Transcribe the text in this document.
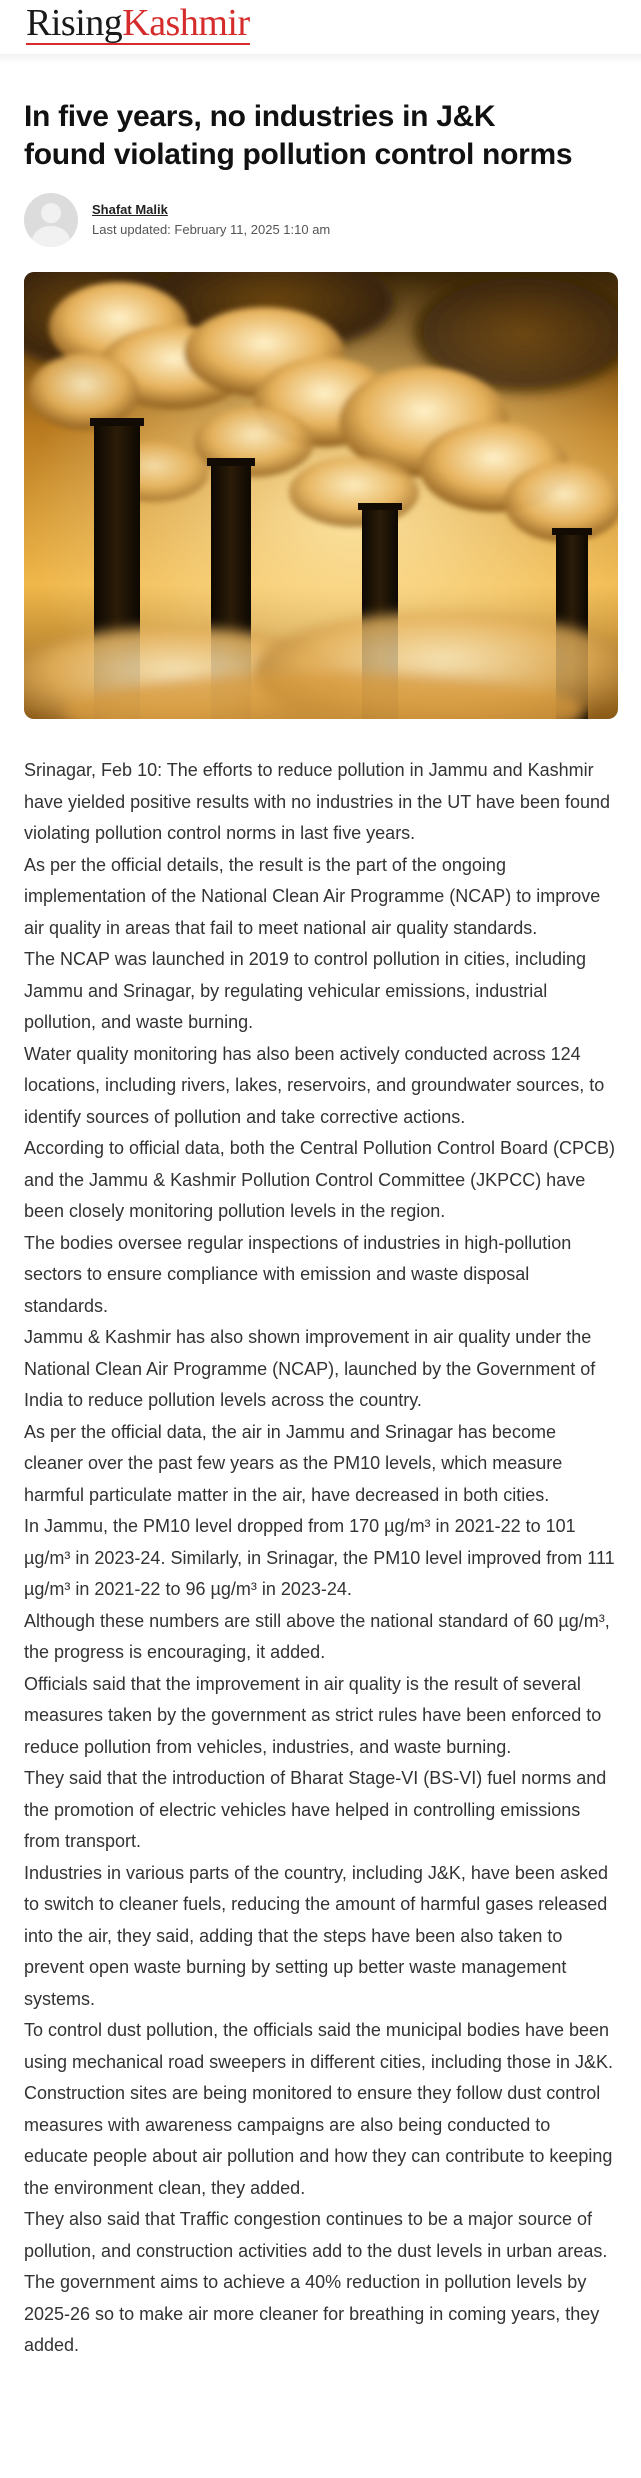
RisingKashmir
In five years, no industries in J&K found violating pollution control norms
Shafat Malik
Last updated: February 11, 2025 1:10 am

Srinagar, Feb 10: The efforts to reduce pollution in Jammu and Kashmir have yielded positive results with no industries in the UT have been found violating pollution control norms in last five years.

As per the official details, the result is the part of the ongoing implementation of the National Clean Air Programme (NCAP) to improve air quality in areas that fail to meet national air quality standards.

The NCAP was launched in 2019 to control pollution in cities, including Jammu and Srinagar, by regulating vehicular emissions, industrial pollution, and waste burning.

Water quality monitoring has also been actively conducted across 124 locations, including rivers, lakes, reservoirs, and groundwater sources, to identify sources of pollution and take corrective actions.

According to official data, both the Central Pollution Control Board (CPCB) and the Jammu & Kashmir Pollution Control Committee (JKPCC) have been closely monitoring pollution levels in the region.

The bodies oversee regular inspections of industries in high-pollution sectors to ensure compliance with emission and waste disposal standards.

Jammu & Kashmir has also shown improvement in air quality under the National Clean Air Programme (NCAP), launched by the Government of India to reduce pollution levels across the country.

As per the official data, the air in Jammu and Srinagar has become cleaner over the past few years as the PM10 levels, which measure harmful particulate matter in the air, have decreased in both cities.

In Jammu, the PM10 level dropped from 170 µg/m³ in 2021-22 to 101 µg/m³ in 2023-24. Similarly, in Srinagar, the PM10 level improved from 111 µg/m³ in 2021-22 to 96 µg/m³ in 2023-24.

Although these numbers are still above the national standard of 60 µg/m³, the progress is encouraging, it added.

Officials said that the improvement in air quality is the result of several measures taken by the government as strict rules have been enforced to reduce pollution from vehicles, industries, and waste burning.

They said that the introduction of Bharat Stage-VI (BS-VI) fuel norms and the promotion of electric vehicles have helped in controlling emissions from transport.

Industries in various parts of the country, including J&K, have been asked to switch to cleaner fuels, reducing the amount of harmful gases released into the air, they said, adding that the steps have been also taken to prevent open waste burning by setting up better waste management systems.

To control dust pollution, the officials said the municipal bodies have been using mechanical road sweepers in different cities, including those in J&K.

Construction sites are being monitored to ensure they follow dust control measures with awareness campaigns are also being conducted to educate people about air pollution and how they can contribute to keeping the environment clean, they added.

They also said that Traffic congestion continues to be a major source of pollution, and construction activities add to the dust levels in urban areas.

The government aims to achieve a 40% reduction in pollution levels by 2025-26 so to make air more cleaner for breathing in coming years, they added.
